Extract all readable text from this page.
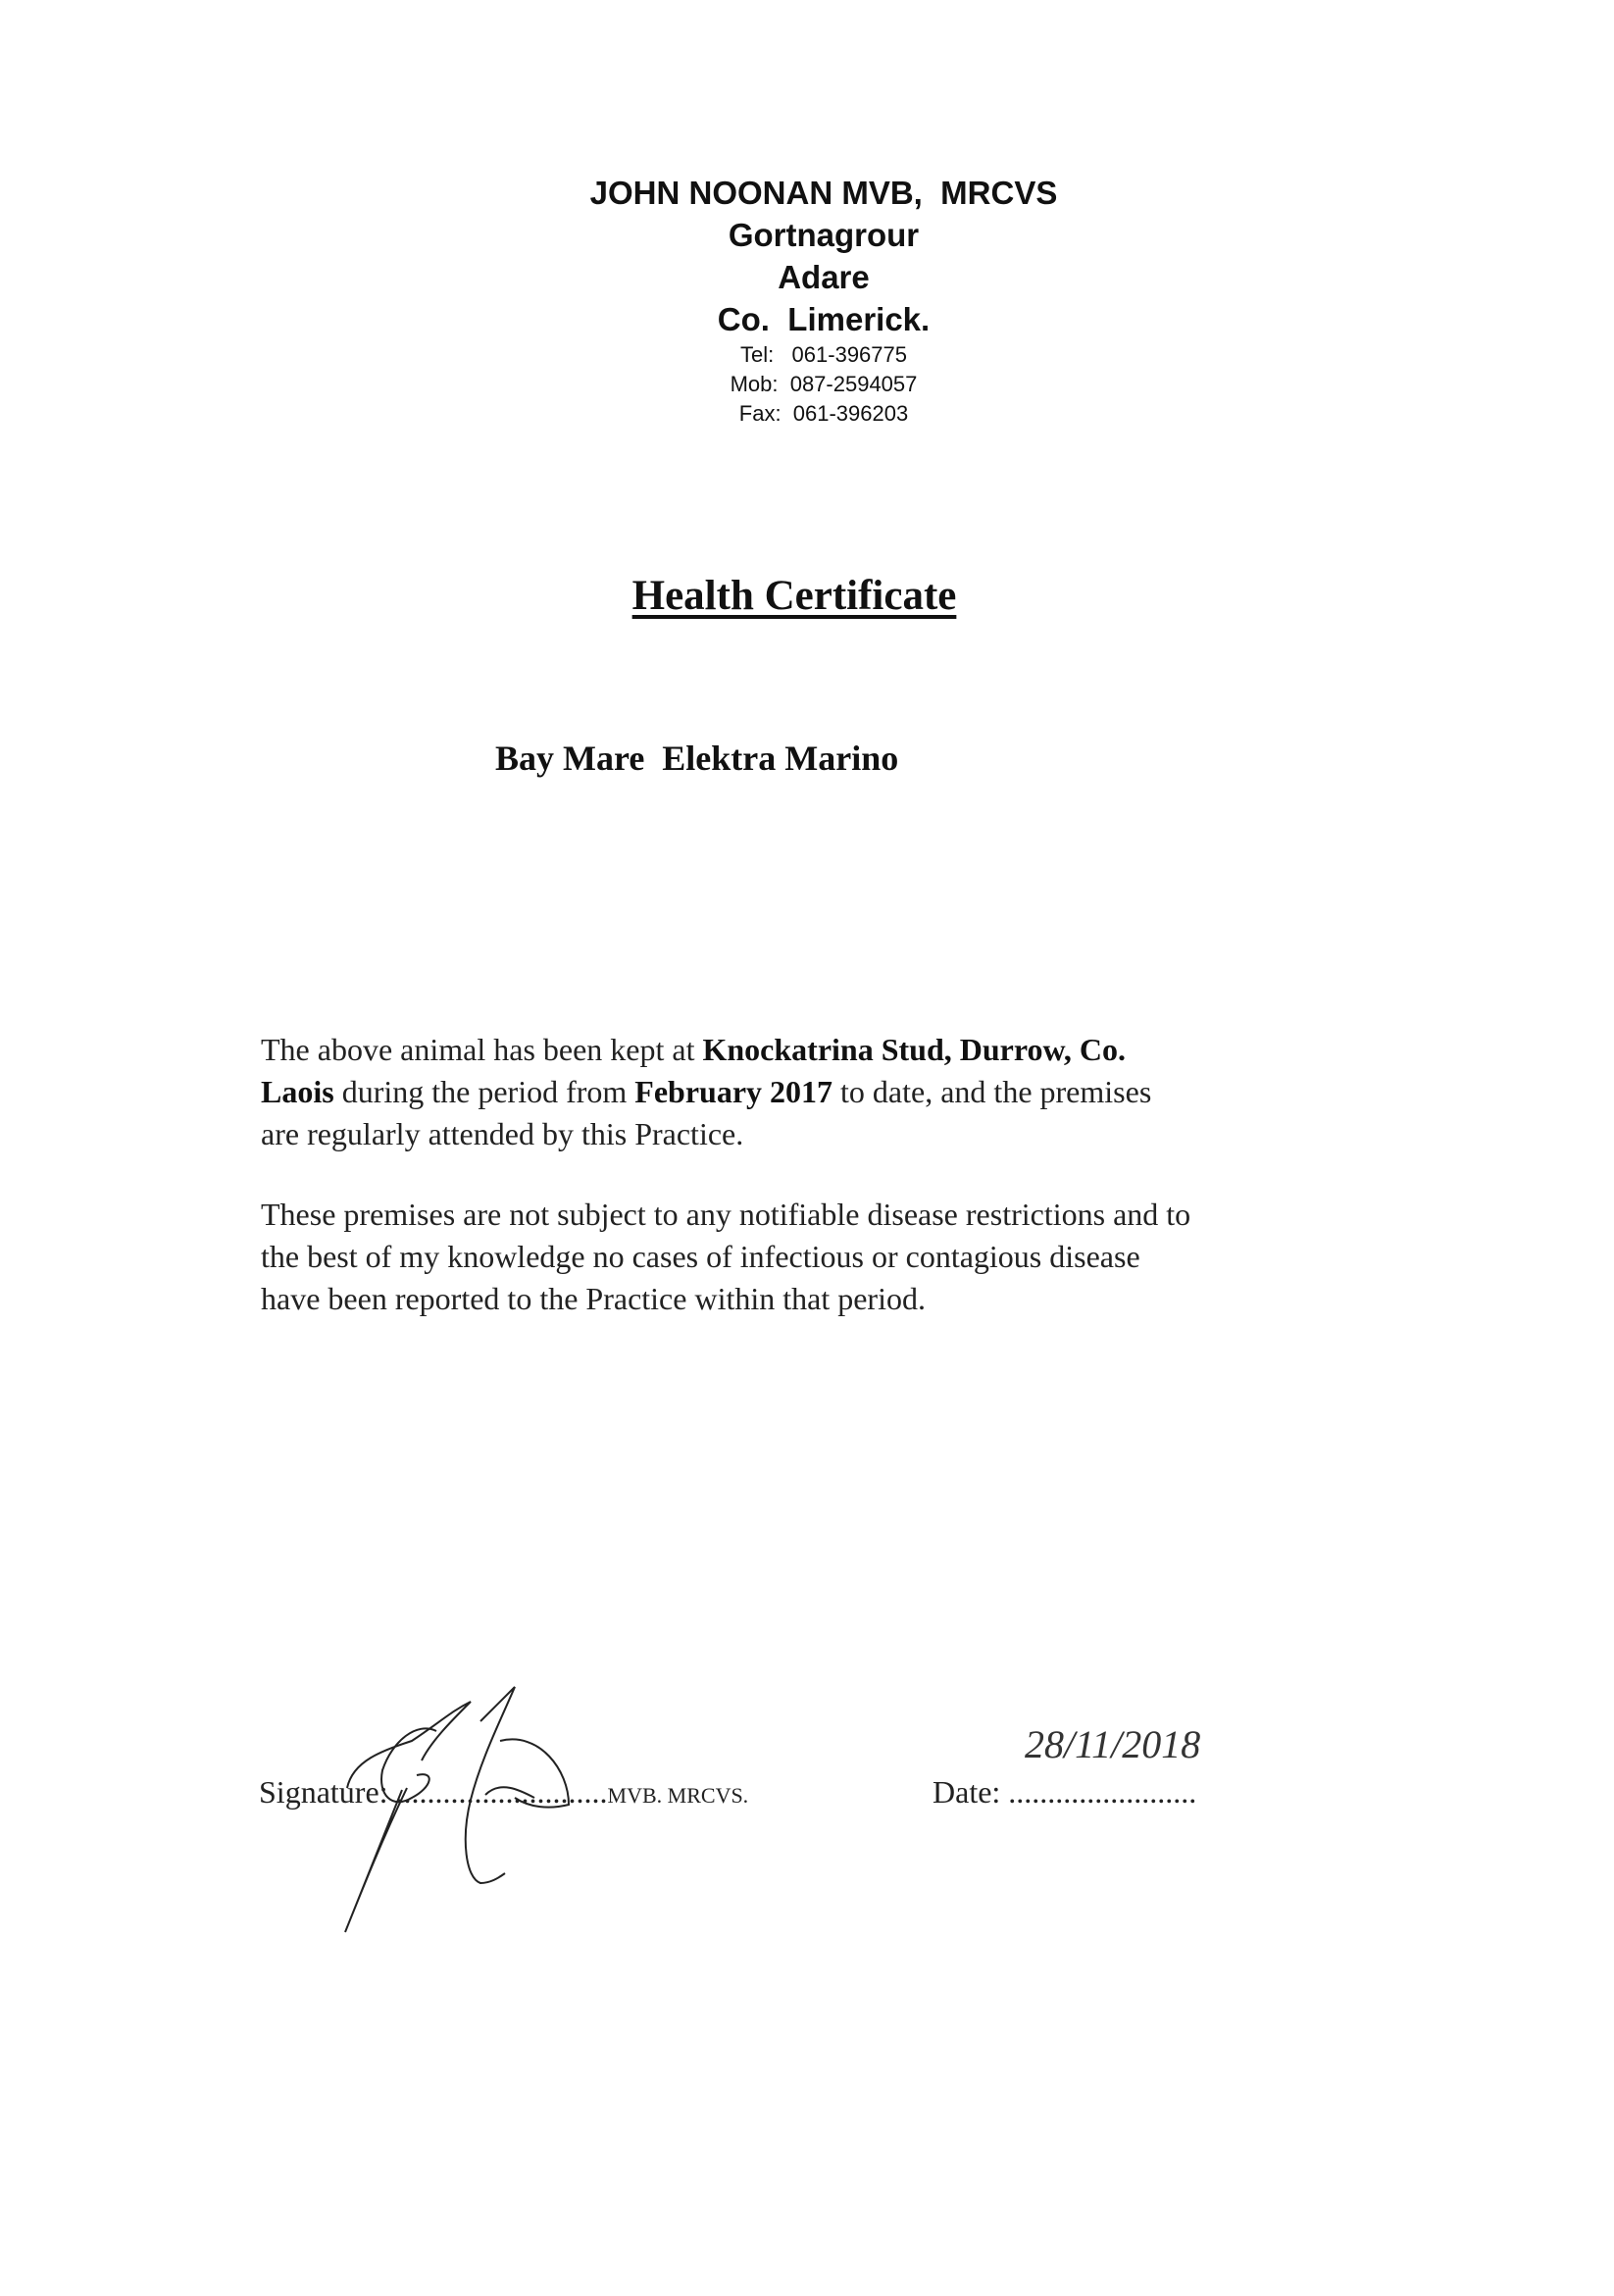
JOHN NOONAN MVB,  MRCVS
Gortnagrour
Adare
Co.  Limerick.
Tel:   061-396775
Mob:  087-2594057
Fax:  061-396203
Health Certificate
Bay Mare  Elektra Marino
The above animal has been kept at Knockatrina Stud, Durrow, Co.
Laois during the period from February 2017 to date, and the premises
are regularly attended by this Practice.
These premises are not subject to any notifiable disease restrictions and to
the best of my knowledge no cases of infectious or contagious disease
have been reported to the Practice within that period.
Signature: ...........................MVB. MRCVS.	Date: ........................
28/11/2018
